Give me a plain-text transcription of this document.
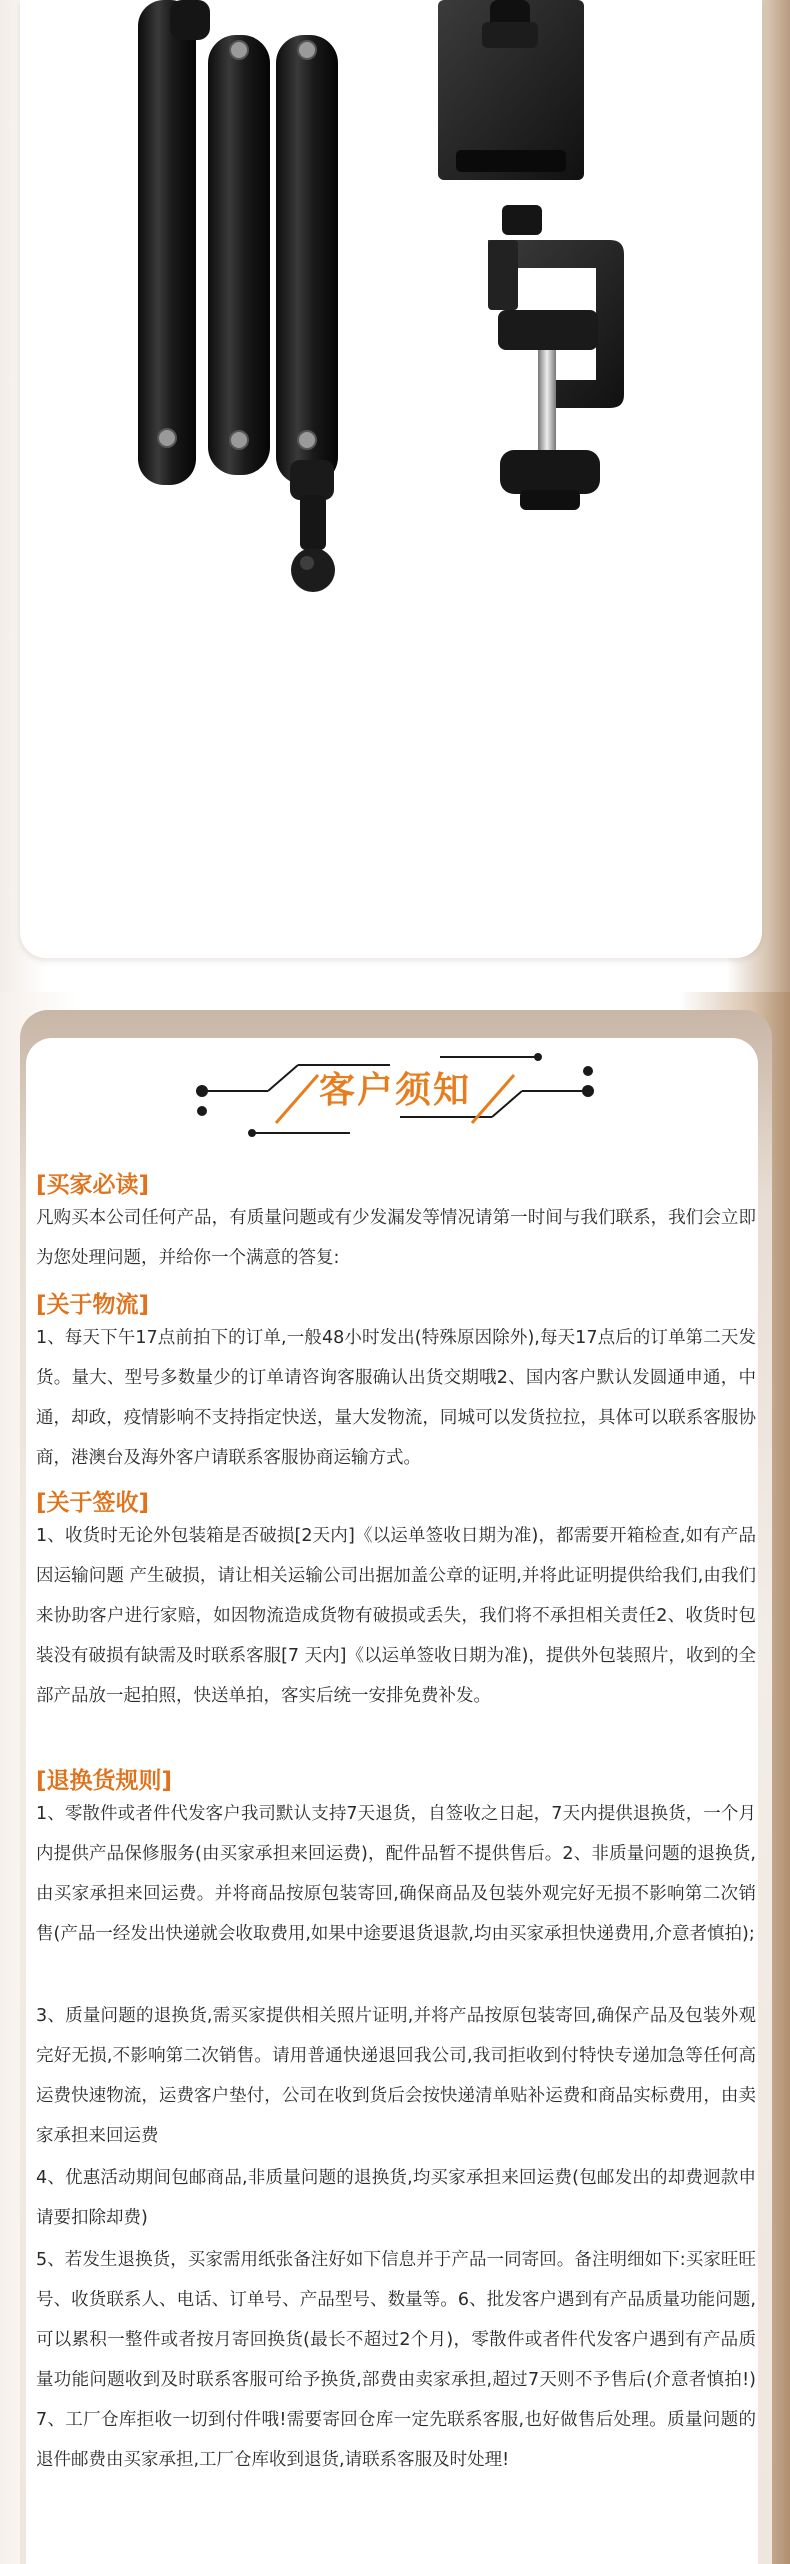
客户须知
[买家必读]
凡购买本公司任何产品，有质量问题或有少发漏发等情况请第一时间与我们联系，我们会立即为您处理问题，并给你一个满意的答复:
[关于物流]
1、每天下午17点前拍下的订单,一般48小时发出(特殊原因除外),每天17点后的订单第二天发货。量大、型号多数量少的订单请咨询客服确认出货交期哦2、国内客户默认发圆通申通，中通，却政，疫情影响不支持指定快送，量大发物流，同城可以发货拉拉，具体可以联系客服协商，港澳台及海外客户请联系客服协商运输方式。
[关于签收]
1、收货时无论外包装箱是否破损[2天内]《以运单签收日期为准)，都需要开箱检查,如有产品因运输问题 产生破损，请让相关运输公司出据加盖公章的证明,并将此证明提供给我们,由我们来协助客户进行家赔，如因物流造成货物有破损或丢失，我们将不承担相关责任2、收货时包装没有破损有缺需及时联系客服[7 天内]《以运单签收日期为准)，提供外包装照片，收到的全部产品放一起拍照，快送单拍，客实后统一安排免费补发。
[退换货规则]
1、零散件或者件代发客户我司默认支持7天退货，自签收之日起，7天内提供退换货，一个月内提供产品保修服务(由买家承担来回运费)，配件品暂不提供售后。2、非质量问题的退换货,由买家承担来回运费。并将商品按原包装寄回,确保商品及包装外观完好无损不影响第二次销售(产品一经发出快递就会收取费用,如果中途要退货退款,均由买家承担快递费用,介意者慎拍);
3、质量问题的退换货,需买家提供相关照片证明,并将产品按原包装寄回,确保产品及包装外观完好无损,不影响第二次销售。请用普通快递退回我公司,我司拒收到付特快专递加急等任何高运费快速物流，运费客户垫付，公司在收到货后会按快递清单贴补运费和商品实标费用，由卖家承担来回运费
4、优惠活动期间包邮商品,非质量问题的退换货,均买家承担来回运费(包邮发出的却费迥款申请要扣除却费)
5、若发生退换货，买家需用纸张备注好如下信息并于产品一同寄回。备注明细如下:买家旺旺号、收货联系人、电话、订单号、产品型号、数量等。6、批发客户遇到有产品质量功能问题,可以累积一整件或者按月寄回换货(最长不超过2个月)，零散件或者件代发客户遇到有产品质量功能问题收到及时联系客服可给予换货,部费由卖家承担,超过7天则不予售后(介意者慎拍!)7、工厂仓库拒收一切到付件哦!需要寄回仓库一定先联系客服,也好做售后处理。质量问题的退件邮费由买家承担,工厂仓库收到退货,请联系客服及时处理!
